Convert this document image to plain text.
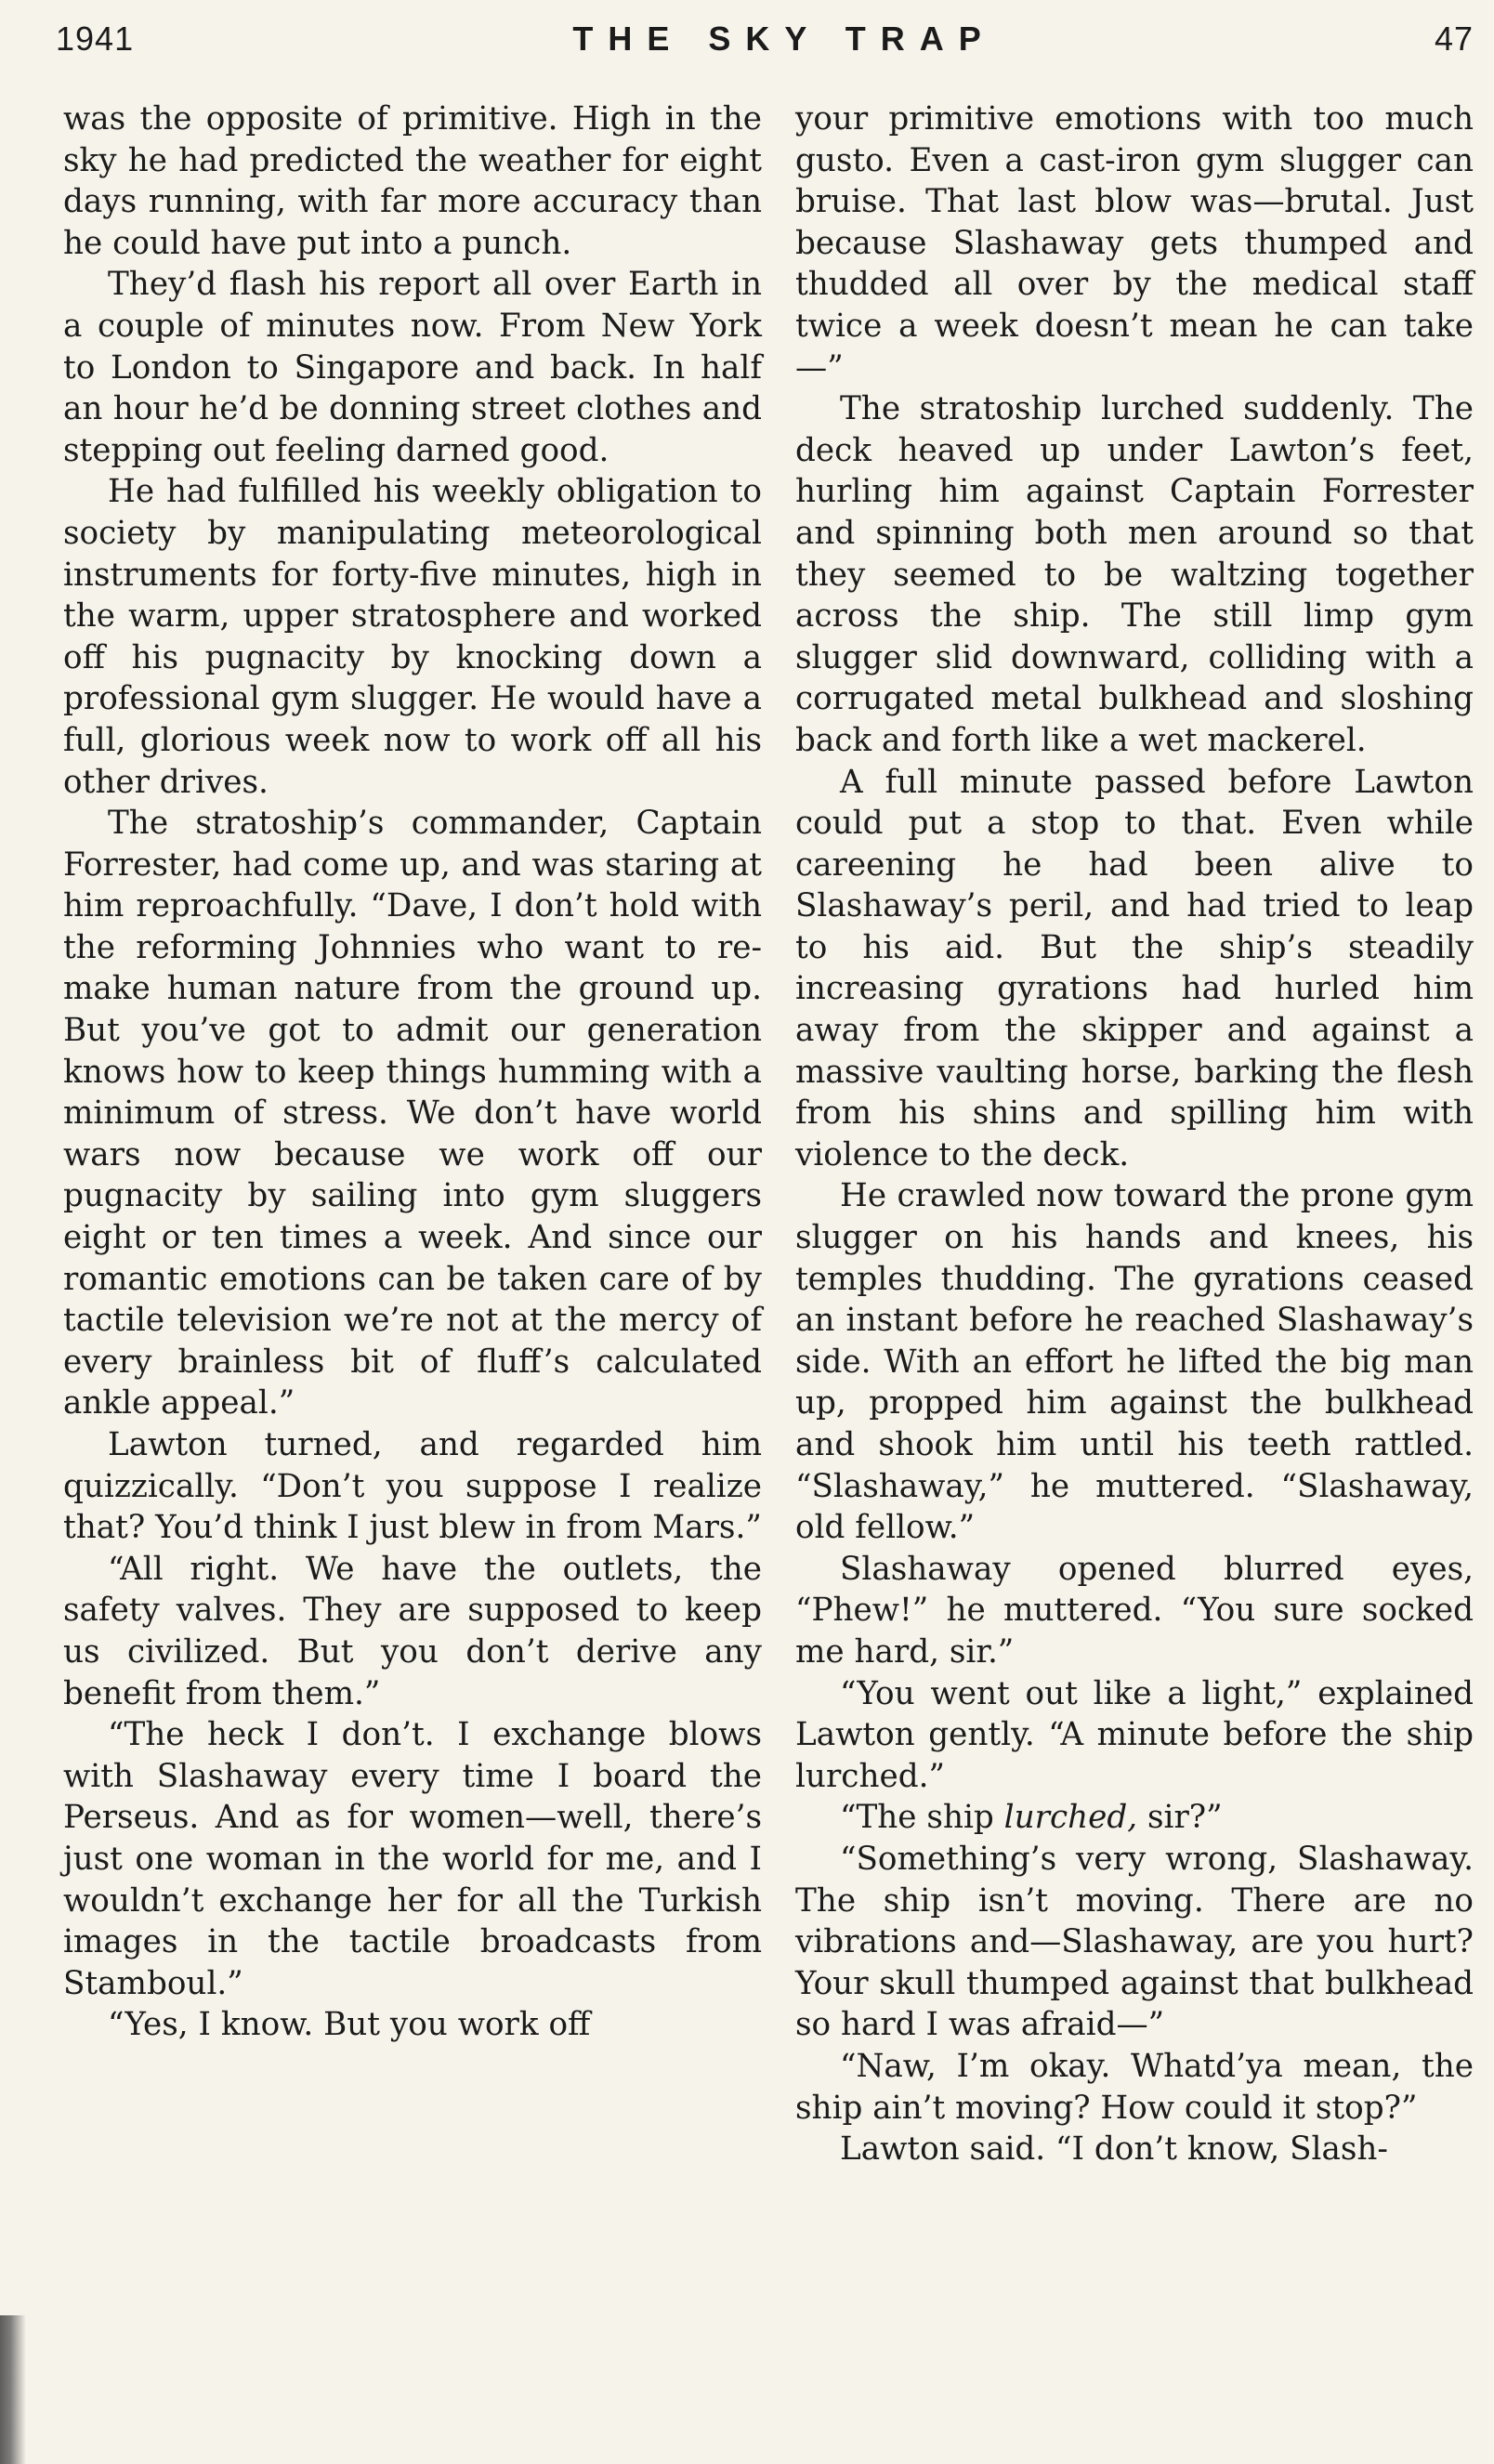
1941	THE SKY TRAP	47

was the opposite of primitive. High in the sky he had predicted the weather for eight days running, with far more accuracy than he could have put into a punch.

They’d flash his report all over Earth in a couple of minutes now. From New York to London to Singapore and back. In half an hour he’d be donning street clothes and stepping out feeling darned good.

He had fulfilled his weekly obligation to society by manipulating meteorological instruments for forty-five minutes, high in the warm, upper stratosphere and worked off his pugnacity by knocking down a professional gym slugger. He would have a full, glorious week now to work off all his other drives.

The stratoship’s commander, Captain Forrester, had come up, and was staring at him reproachfully. “Dave, I don’t hold with the reforming Johnnies who want to re-make human nature from the ground up. But you’ve got to admit our generation knows how to keep things humming with a minimum of stress. We don’t have world wars now because we work off our pugnacity by sailing into gym sluggers eight or ten times a week. And since our romantic emotions can be taken care of by tactile television we’re not at the mercy of every brainless bit of fluff’s calculated ankle appeal.”

Lawton turned, and regarded him quizzically. “Don’t you suppose I realize that? You’d think I just blew in from Mars.”

“All right. We have the outlets, the safety valves. They are supposed to keep us civilized. But you don’t derive any benefit from them.”

“The heck I don’t. I exchange blows with Slashaway every time I board the Perseus. And as for women—well, there’s just one woman in the world for me, and I wouldn’t exchange her for all the Turkish images in the tactile broadcasts from Stamboul.”

“Yes, I know. But you work off

your primitive emotions with too much gusto. Even a cast-iron gym slugger can bruise. That last blow was—brutal. Just because Slashaway gets thumped and thudded all over by the medical staff twice a week doesn’t mean he can take—”

The stratoship lurched suddenly. The deck heaved up under Lawton’s feet, hurling him against Captain Forrester and spinning both men around so that they seemed to be waltzing together across the ship. The still limp gym slugger slid downward, colliding with a corrugated metal bulkhead and sloshing back and forth like a wet mackerel.

A full minute passed before Lawton could put a stop to that. Even while careening he had been alive to Slashaway’s peril, and had tried to leap to his aid. But the ship’s steadily increasing gyrations had hurled him away from the skipper and against a massive vaulting horse, barking the flesh from his shins and spilling him with violence to the deck.

He crawled now toward the prone gym slugger on his hands and knees, his temples thudding. The gyrations ceased an instant before he reached Slashaway’s side. With an effort he lifted the big man up, propped him against the bulkhead and shook him until his teeth rattled. “Slashaway,” he muttered. “Slashaway, old fellow.”

Slashaway opened blurred eyes, “Phew!” he muttered. “You sure socked me hard, sir.”

“You went out like a light,” explained Lawton gently. “A minute before the ship lurched.”

“The ship lurched, sir?”

“Something’s very wrong, Slashaway. The ship isn’t moving. There are no vibrations and—Slashaway, are you hurt? Your skull thumped against that bulkhead so hard I was afraid—”

“Naw, I’m okay. Whatd’ya mean, the ship ain’t moving? How could it stop?”

Lawton said. “I don’t know, Slash-
